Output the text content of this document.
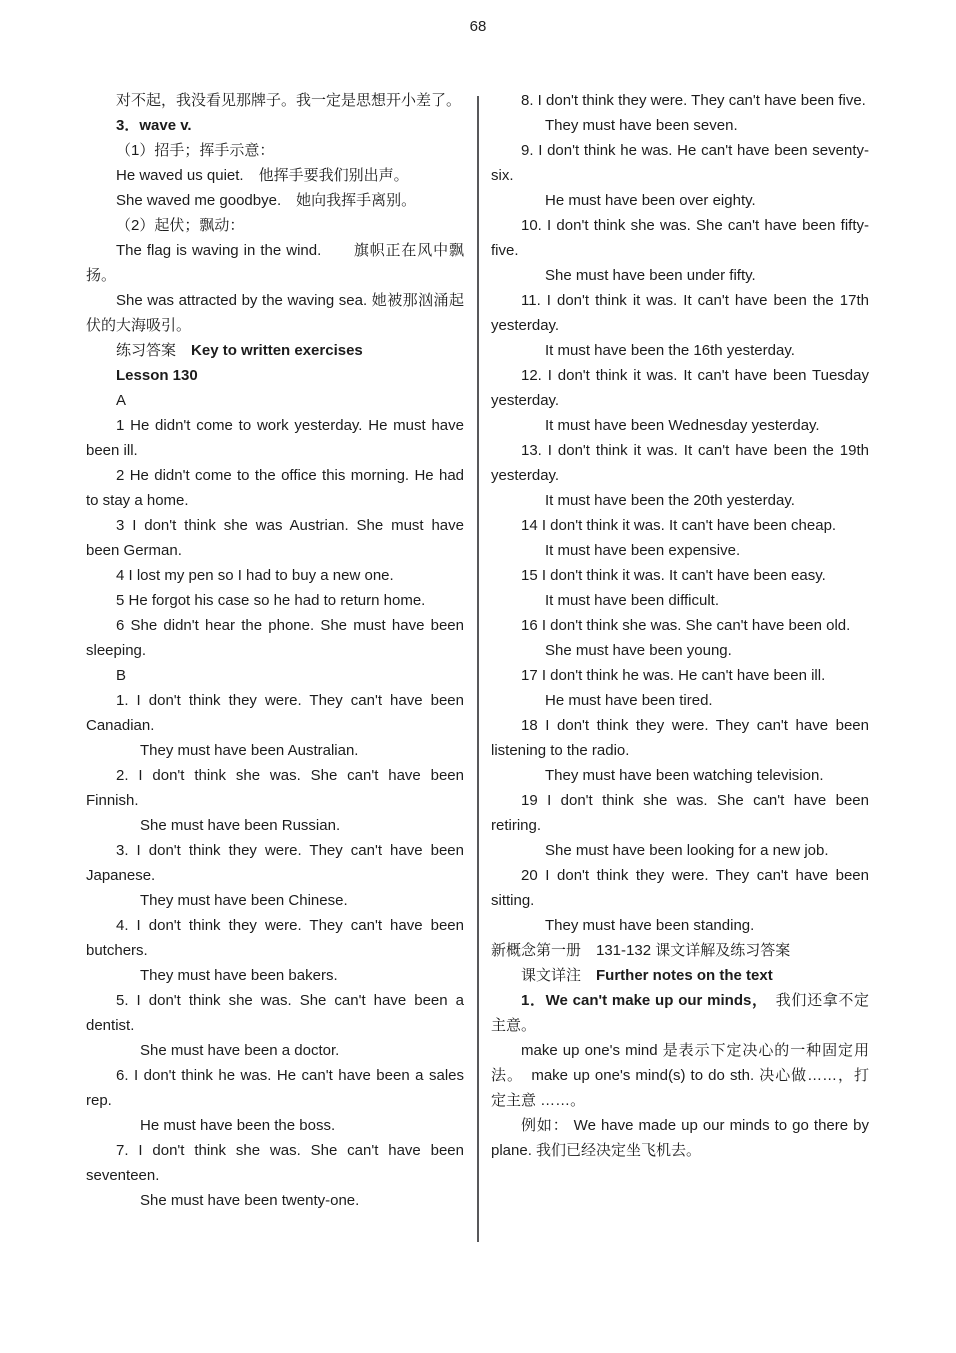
68

对不起，我没看见那牌子。我一定是思想开小差了。

3．wave v.

（1）招手；挥手示意：

He waved us quiet.　他挥手要我们别出声。

She waved me goodbye.　她向我挥手离别。

（2）起伏；飘动：

The flag is waving in the wind.　　旗帜正在风中飘扬。

She was attracted by the waving sea. 她被那汹涌起伏的大海吸引。

练习答案　Key to written exercises

Lesson 130

A

1 He didn't come to work yesterday. He must have been ill.

2 He didn't come to the office this morning. He had to stay a home.

3 I don't think she was Austrian. She must have been German.

4 I lost my pen so I had to buy a new one.

5 He forgot his case so he had to return home.

6 She didn't hear the phone. She must have been sleeping.

B

1. I don't think they were. They can't have been Canadian.

They must have been Australian.

2. I don't think she was. She can't have been Finnish.

She must have been Russian.

3. I don't think they were. They can't have been Japanese.

They must have been Chinese.

4. I don't think they were. They can't have been butchers.

They must have been bakers.

5. I don't think she was. She can't have been a dentist.

She must have been a doctor.

6. I don't think he was. He can't have been a sales rep.

He must have been the boss.

7. I don't think she was. She can't have been seventeen.

She must have been twenty-one.

8. I don't think they were. They can't have been five.

They must have been seven.

9. I don't think he was. He can't have been seventy-six.

He must have been over eighty.

10. I don't think she was. She can't have been fifty-five.

She must have been under fifty.

11. I don't think it was. It can't have been the 17th yesterday.

It must have been the 16th yesterday.

12. I don't think it was. It can't have been Tuesday yesterday.

It must have been Wednesday yesterday.

13. I don't think it was. It can't have been the 19th yesterday.

It must have been the 20th yesterday.

14 I don't think it was. It can't have been cheap.

It must have been expensive.

15 I don't think it was. It can't have been easy.

It must have been difficult.

16 I don't think she was. She can't have been old.

She must have been young.

17 I don't think he was. He can't have been ill.

He must have been tired.

18 I don't think they were. They can't have been listening to the radio.

They must have been watching television.

19 I don't think she was. She can't have been retiring.

She must have been looking for a new job.

20 I don't think they were. They can't have been sitting.

They must have been standing.

新概念第一册　131-132 课文详解及练习答案

课文详注　Further notes on the text

1．We can't make up our minds，　我们还拿不定主意。

make up one's mind 是表示下定决心的一种固定用法。　make up one's mind(s) to do sth. 决心做……，打定主意 ……。

例如： We have made up our minds to go there by plane. 我们已经决定坐飞机去。
